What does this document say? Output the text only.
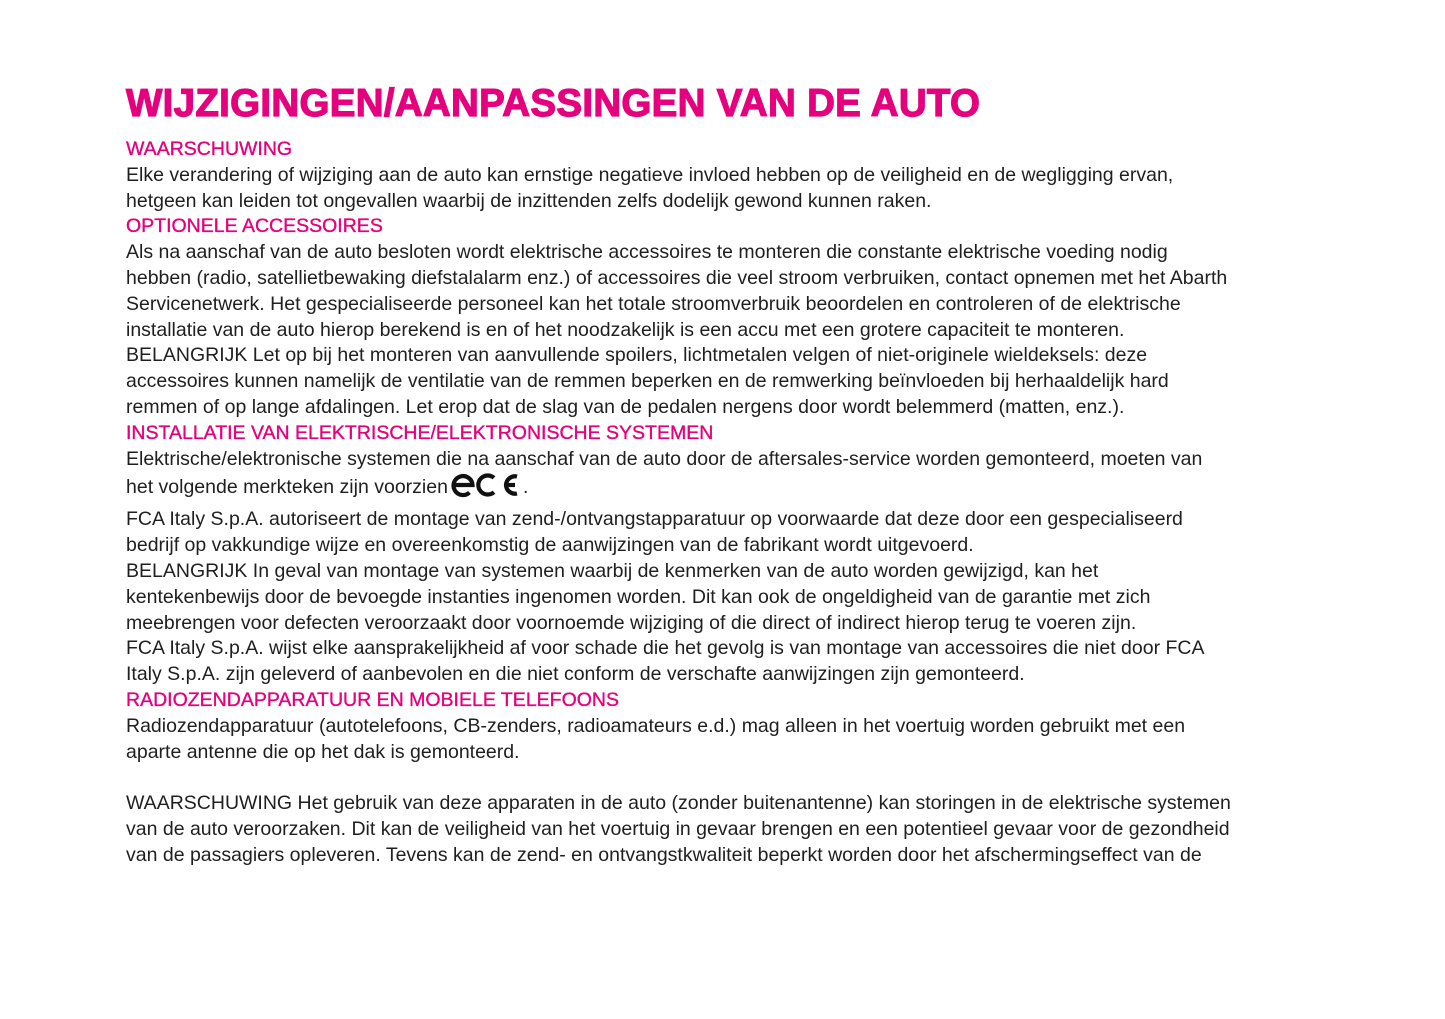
WIJZIGINGEN/AANPASSINGEN VAN DE AUTO
WAARSCHUWING

Elke verandering of wijziging aan de auto kan ernstige negatieve invloed hebben op de veiligheid en de wegligging ervan,
hetgeen kan leiden tot ongevallen waarbij de inzittenden zelfs dodelijk gewond kunnen raken.

OPTIONELE ACCESSOIRES

Als na aanschaf van de auto besloten wordt elektrische accessoires te monteren die constante elektrische voeding nodig
hebben (radio, satellietbewaking diefstalalarm enz.) of accessoires die veel stroom verbruiken, contact opnemen met het Abarth
Servicenetwerk. Het gespecialiseerde personeel kan het totale stroomverbruik beoordelen en controleren of de elektrische
installatie van de auto hierop berekend is en of het noodzakelijk is een accu met een grotere capaciteit te monteren.

BELANGRIJK Let op bij het monteren van aanvullende spoilers, lichtmetalen velgen of niet-originele wieldeksels: deze
accessoires kunnen namelijk de ventilatie van de remmen beperken en de remwerking beïnvloeden bij herhaaldelijk hard
remmen of op lange afdalingen. Let erop dat de slag van de pedalen nergens door wordt belemmerd (matten, enz.).

INSTALLATIE VAN ELEKTRISCHE/ELEKTRONISCHE SYSTEMEN

Elektrische/elektronische systemen die na aanschaf van de auto door de aftersales-service worden gemonteerd, moeten van
het volgende merkteken zijn voorzien	.

FCA Italy S.p.A. autoriseert de montage van zend-/ontvangstapparatuur op voorwaarde dat deze door een gespecialiseerd
bedrijf op vakkundige wijze en overeenkomstig de aanwijzingen van de fabrikant wordt uitgevoerd.

BELANGRIJK In geval van montage van systemen waarbij de kenmerken van de auto worden gewijzigd, kan het
kentekenbewijs door de bevoegde instanties ingenomen worden. Dit kan ook de ongeldigheid van de garantie met zich
meebrengen voor defecten veroorzaakt door voornoemde wijziging of die direct of indirect hierop terug te voeren zijn.

FCA Italy S.p.A. wijst elke aansprakelijkheid af voor schade die het gevolg is van montage van accessoires die niet door FCA
Italy S.p.A. zijn geleverd of aanbevolen en die niet conform de verschafte aanwijzingen zijn gemonteerd.

RADIOZENDAPPARATUUR EN MOBIELE TELEFOONS

Radiozendapparatuur (autotelefoons, CB-zenders, radioamateurs e.d.) mag alleen in het voertuig worden gebruikt met een
aparte antenne die op het dak is gemonteerd.

WAARSCHUWING Het gebruik van deze apparaten in de auto (zonder buitenantenne) kan storingen in de elektrische systemen
van de auto veroorzaken. Dit kan de veiligheid van het voertuig in gevaar brengen en een potentieel gevaar voor de gezondheid
van de passagiers opleveren. Tevens kan de zend- en ontvangstkwaliteit beperkt worden door het afschermingseffect van de
